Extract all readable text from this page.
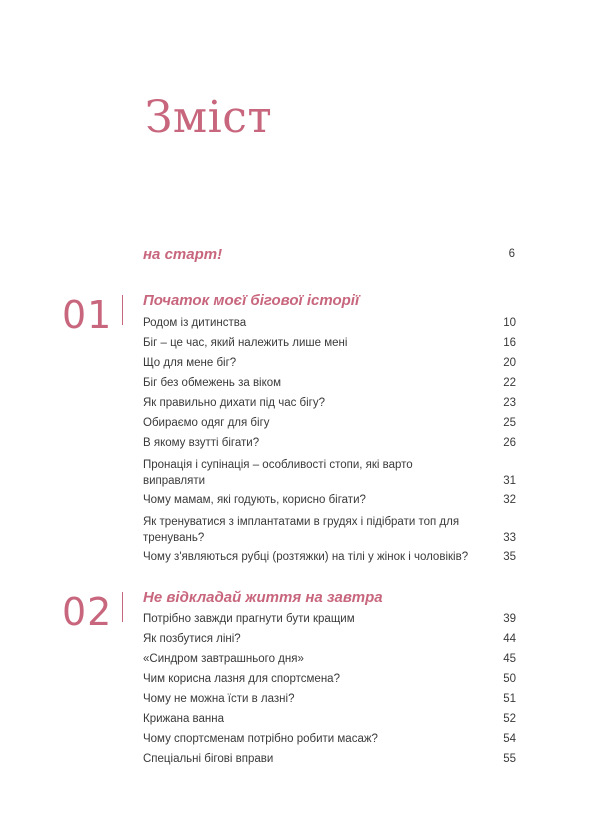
Зміст
на старт!	6
01 Початок моєї бігової історії
Родом із дитинства	10
Біг – це час, який належить лише мені	16
Що для мене біг?	20
Біг без обмежень за віком	22
Як правильно дихати під час бігу?	23
Обираємо одяг для бігу	25
В якому взутті бігати?	26
Пронація і супінація – особливості стопи, які варто виправляти	31
Чому мамам, які годують, корисно бігати?	32
Як тренуватися з імплантатами в грудях і підібрати топ для тренувань?	33
Чому з'являються рубці (розтяжки) на тілі у жінок і чоловіків?	35
02 Не відкладай життя на завтра
Потрібно завжди прагнути бути кращим	39
Як позбутися ліні?	44
«Синдром завтрашнього дня»	45
Чим корисна лазня для спортсмена?	50
Чому не можна їсти в лазні?	51
Крижана ванна	52
Чому спортсменам потрібно робити масаж?	54
Спеціальні бігові вправи	55
